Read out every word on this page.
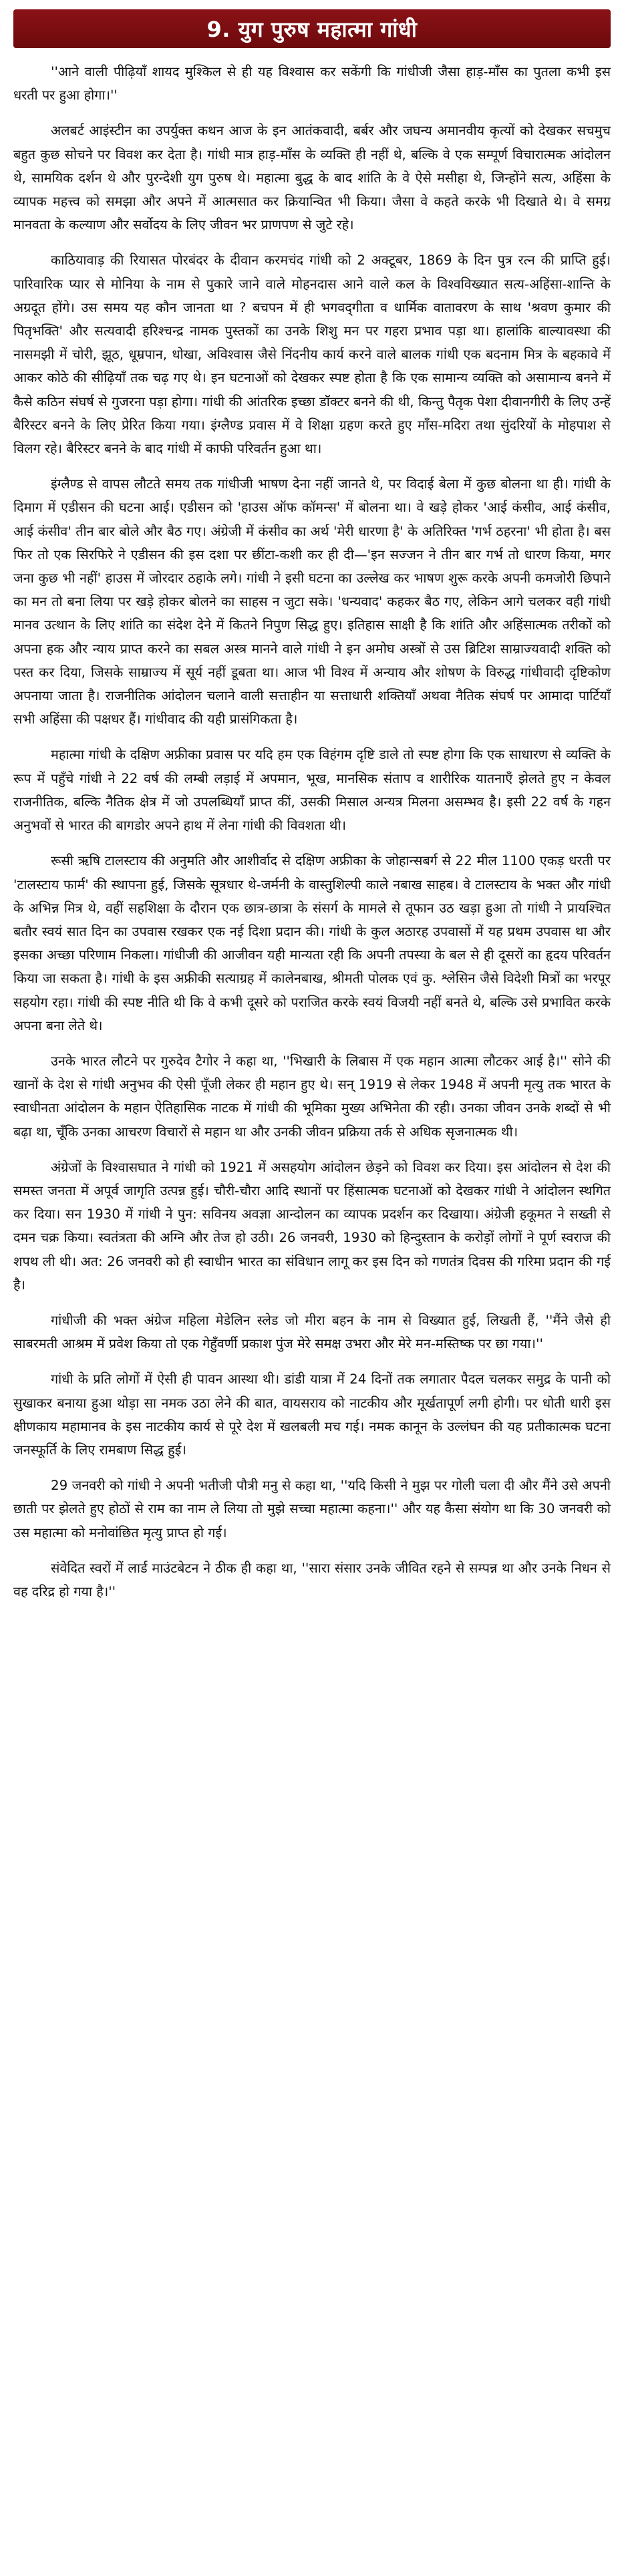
9. युग पुरुष महात्मा गांधी

''आने वाली पीढ़ियाँ शायद मुश्किल से ही यह विश्वास कर सकेंगी कि गांधीजी जैसा हाड़-माँस का पुतला कभी इस धरती पर हुआ होगा।''

अलबर्ट आइंस्टीन का उपर्युक्त कथन आज के इन आतंकवादी, बर्बर और जघन्य अमानवीय कृत्यों को देखकर सचमुच बहुत कुछ सोचने पर विवश कर देता है। गांधी मात्र हाड़-माँस के व्यक्ति ही नहीं थे, बल्कि वे एक सम्पूर्ण विचारात्मक आंदोलन थे, सामयिक दर्शन थे और पुरन्देशी युग पुरुष थे। महात्मा बुद्ध के बाद शांति के वे ऐसे मसीहा थे, जिन्होंने सत्य, अहिंसा के व्यापक महत्त्व को समझा और अपने में आत्मसात कर क्रियान्वित भी किया। जैसा वे कहते करके भी दिखाते थे। वे समग्र मानवता के कल्याण और सर्वोदय के लिए जीवन भर प्राणपण से जुटे रहे।

काठियावाड़ की रियासत पोरबंदर के दीवान करमचंद गांधी को 2 अक्टूबर, 1869 के दिन पुत्र रत्न की प्राप्ति हुई। पारिवारिक प्यार से मोनिया के नाम से पुकारे जाने वाले मोहनदास आने वाले कल के विश्वविख्यात सत्य-अहिंसा-शान्ति के अग्रदूत होंगे। उस समय यह कौन जानता था ? बचपन में ही भगवद्‌गीता व धार्मिक वातावरण के साथ 'श्रवण कुमार की पितृभक्ति' और सत्यवादी हरिश्चन्द्र नामक पुस्तकों का उनके शिशु मन पर गहरा प्रभाव पड़ा था। हालांकि बाल्यावस्था की नासमझी में चोरी, झूठ, धूम्रपान, धोखा, अविश्वास जैसे निंदनीय कार्य करने वाले बालक गांधी एक बदनाम मित्र के बहकावे में आकर कोठे की सीढ़ियाँ तक चढ़ गए थे। इन घटनाओं को देखकर स्पष्ट होता है कि एक सामान्य व्यक्ति को असामान्य बनने में कैसे कठिन संघर्ष से गुजरना पड़ा होगा। गांधी की आंतरिक इच्छा डॉक्टर बनने की थी, किन्तु पैतृक पेशा दीवानगीरी के लिए उन्हें बैरिस्टर बनने के लिए प्रेरित किया गया। इंग्लैण्ड प्रवास में वे शिक्षा ग्रहण करते हुए माँस-मदिरा तथा सुंदरियों के मोहपाश से विलग रहे। बैरिस्टर बनने के बाद गांधी में काफी परिवर्तन हुआ था।

इंग्लैण्ड से वापस लौटते समय तक गांधीजी भाषण देना नहीं जानते थे, पर विदाई बेला में कुछ बोलना था ही। गांधी के दिमाग में एडीसन की घटना आई। एडीसन को 'हाउस ऑफ कॉमन्स' में बोलना था। वे खड़े होकर 'आई कंसीव, आई कंसीव, आई कंसीव' तीन बार बोले और बैठ गए। अंग्रेजी में कंसीव का अर्थ 'मेरी धारणा है' के अतिरिक्त 'गर्भ ठहरना' भी होता है। बस फिर तो एक सिरफिरे ने एडीसन की इस दशा पर छींटा-कशी कर ही दी—'इन सज्जन ने तीन बार गर्भ तो धारण किया, मगर जना कुछ भी नहीं' हाउस में जोरदार ठहाके लगे। गांधी ने इसी घटना का उल्लेख कर भाषण शुरू करके अपनी कमजोरी छिपाने का मन तो बना लिया पर खड़े होकर बोलने का साहस न जुटा सके। 'धन्यवाद' कहकर बैठ गए, लेकिन आगे चलकर वही गांधी मानव उत्थान के लिए शांति का संदेश देने में कितने निपुण सिद्ध हुए। इतिहास साक्षी है कि शांति और अहिंसात्मक तरीकों को अपना हक और न्याय प्राप्त करने का सबल अस्त्र मानने वाले गांधी ने इन अमोघ अस्त्रों से उस ब्रिटिश साम्राज्यवादी शक्ति को पस्त कर दिया, जिसके साम्राज्य में सूर्य नहीं डूबता था। आज भी विश्व में अन्याय और शोषण के विरुद्ध गांधीवादी दृष्टिकोण अपनाया जाता है। राजनीतिक आंदोलन चलाने वाली सत्ताहीन या सत्ताधारी शक्तियाँ अथवा नैतिक संघर्ष पर आमादा पार्टियाँ सभी अहिंसा की पक्षधर हैं। गांधीवाद की यही प्रासंगिकता है।

महात्मा गांधी के दक्षिण अफ्रीका प्रवास पर यदि हम एक विहंगम दृष्टि डाले तो स्पष्ट होगा कि एक साधारण से व्यक्ति के रूप में पहुँचे गांधी ने 22 वर्ष की लम्बी लड़ाई में अपमान, भूख, मानसिक संताप व शारीरिक यातनाएँ झेलते हुए न केवल राजनीतिक, बल्कि नैतिक क्षेत्र में जो उपलब्धियाँ प्राप्त कीं, उसकी मिसाल अन्यत्र मिलना असम्भव है। इसी 22 वर्ष के गहन अनुभवों से भारत की बागडोर अपने हाथ में लेना गांधी की विवशता थी।

रूसी ऋषि टालस्टाय की अनुमति और आशीर्वाद से दक्षिण अफ्रीका के जोहान्सबर्ग से 22 मील 1100 एकड़ धरती पर 'टालस्टाय फार्म' की स्थापना हुई, जिसके सूत्रधार थे-जर्मनी के वास्तुशिल्पी काले नबाख साहब। वे टालस्टाय के भक्त और गांधी के अभिन्न मित्र थे, वहीं सहशिक्षा के दौरान एक छात्र-छात्रा के संसर्ग के मामले से तूफान उठ खड़ा हुआ तो गांधी ने प्रायश्चित बतौर स्वयं सात दिन का उपवास रखकर एक नई दिशा प्रदान की। गांधी के कुल अठारह उपवासों में यह प्रथम उपवास था और इसका अच्छा परिणाम निकला। गांधीजी की आजीवन यही मान्यता रही कि अपनी तपस्या के बल से ही दूसरों का हृदय परिवर्तन किया जा सकता है। गांधी के इस अफ्रीकी सत्याग्रह में कालेनबाख, श्रीमती पोलक एवं कु. श्लेसिन जैसे विदेशी मित्रों का भरपूर सहयोग रहा। गांधी की स्पष्ट नीति थी कि वे कभी दूसरे को पराजित करके स्वयं विजयी नहीं बनते थे, बल्कि उसे प्रभावित करके अपना बना लेते थे।

उनके भारत लौटने पर गुरुदेव टैगोर ने कहा था, ''भिखारी के लिबास में एक महान आत्मा लौटकर आई है।'' सोने की खानों के देश से गांधी अनुभव की ऐसी पूँजी लेकर ही महान हुए थे। सन् 1919 से लेकर 1948 में अपनी मृत्यु तक भारत के स्वाधीनता आंदोलन के महान ऐतिहासिक नाटक में गांधी की भूमिका मुख्य अभिनेता की रही। उनका जीवन उनके शब्दों से भी बढ़ा था, चूँकि उनका आचरण विचारों से महान था और उनकी जीवन प्रक्रिया तर्क से अधिक सृजनात्मक थी।

अंग्रेजों के विश्वासघात ने गांधी को 1921 में असहयोग आंदोलन छेड़ने को विवश कर दिया। इस आंदोलन से देश की समस्त जनता में अपूर्व जागृति उत्पन्न हुई। चौरी-चौरा आदि स्थानों पर हिंसात्मक घटनाओं को देखकर गांधी ने आंदोलन स्थगित कर दिया। सन 1930 में गांधी ने पुन: सविनय अवज्ञा आन्दोलन का व्यापक प्रदर्शन कर दिखाया। अंग्रेजी हकूमत ने सख्ती से दमन चक्र किया। स्वतंत्रता की अग्नि और तेज हो उठी। 26 जनवरी, 1930 को हिन्दुस्तान के करोड़ों लोगों ने पूर्ण स्वराज की शपथ ली थी। अत: 26 जनवरी को ही स्वाधीन भारत का संविधान लागू कर इस दिन को गणतंत्र दिवस की गरिमा प्रदान की गई है।

गांधीजी की भक्त अंग्रेज महिला मेडेलिन स्लेड जो मीरा बहन के नाम से विख्यात हुई, लिखती हैं, ''मैंने जैसे ही साबरमती आश्रम में प्रवेश किया तो एक गेहुँवर्णी प्रकाश पुंज मेरे समक्ष उभरा और मेरे मन-मस्तिष्क पर छा गया।''

गांधी के प्रति लोगों में ऐसी ही पावन आस्था थी। डांडी यात्रा में 24 दिनों तक लगातार पैदल चलकर समुद्र के पानी को सुखाकर बनाया हुआ थोड़ा सा नमक उठा लेने की बात, वायसराय को नाटकीय और मूर्खतापूर्ण लगी होगी। पर धोती धारी इस क्षीणकाय महामानव के इस नाटकीय कार्य से पूरे देश में खलबली मच गई। नमक कानून के उल्लंघन की यह प्रतीकात्मक घटना जनस्फूर्ति के लिए रामबाण सिद्ध हुई।

29 जनवरी को गांधी ने अपनी भतीजी पौत्री मनु से कहा था, ''यदि किसी ने मुझ पर गोली चला दी और मैंने उसे अपनी छाती पर झेलते हुए होठों से राम का नाम ले लिया तो मुझे सच्चा महात्मा कहना।'' और यह कैसा संयोग था कि 30 जनवरी को उस महात्मा को मनोवांछित मृत्यु प्राप्त हो गई।

संवेदित स्वरों में लार्ड माउंटबेटन ने ठीक ही कहा था, ''सारा संसार उनके जीवित रहने से सम्पन्न था और उनके निधन से वह दरिद्र हो गया है।''
